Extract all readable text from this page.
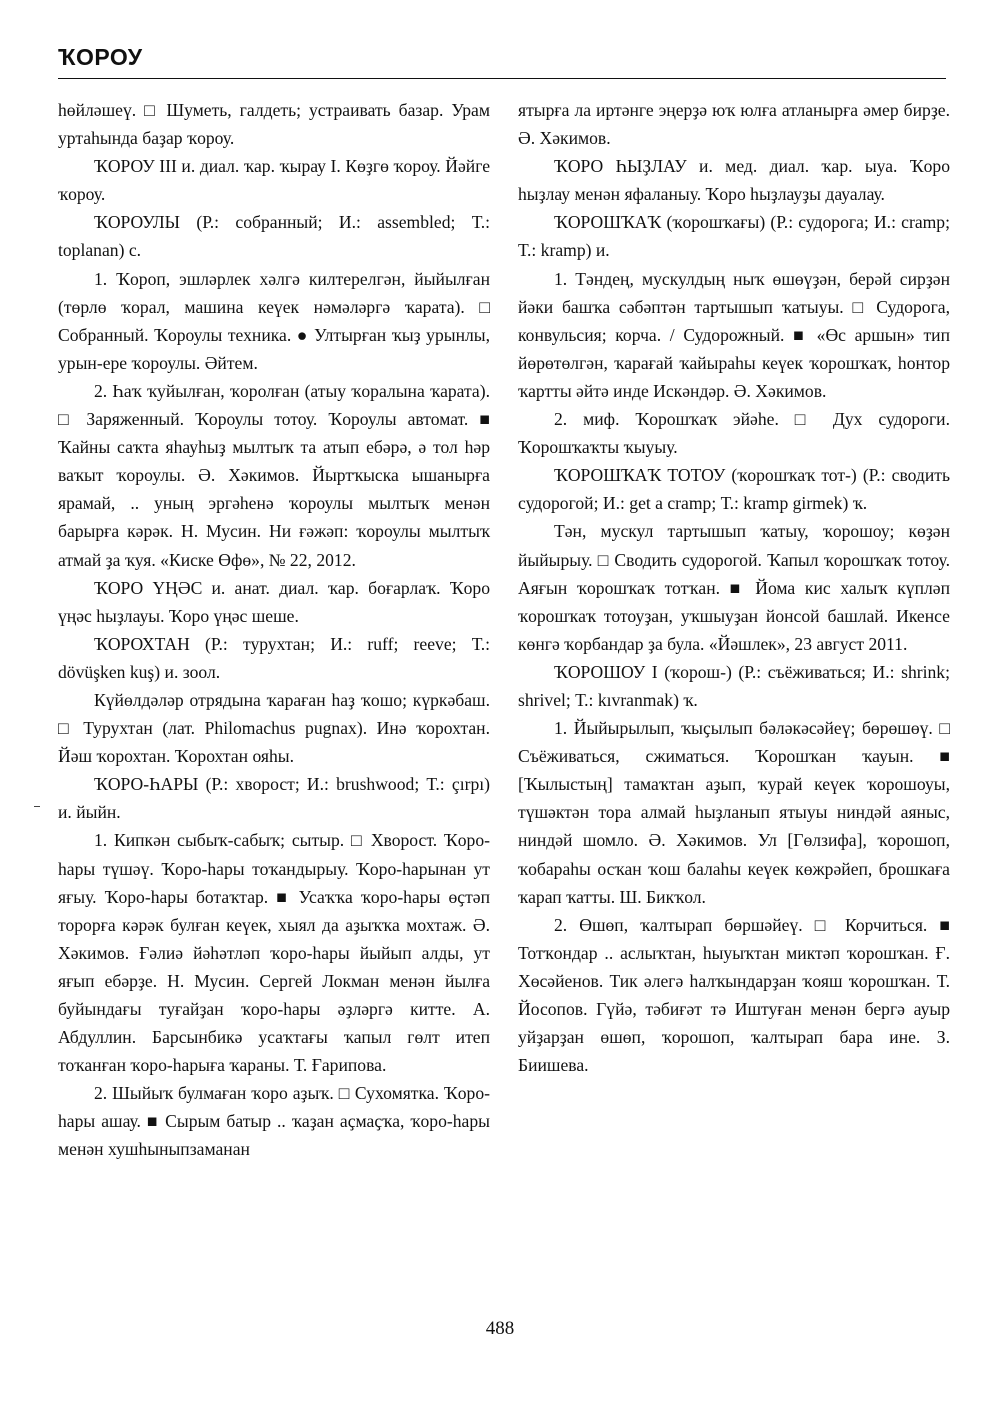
ҠОРОУ

һөйләшеү. □ Шуметь, галдеть; устраивать базар. Урам уртаһында баҙар ҡороу.

ҠОРОУ III и. диал. ҡар. ҡырау I. Көҙгө ҡороу. Йәйге ҡороу.

ҠОРОУЛЫ (Р.: собранный; И.: assembled; Т.: toplanan) с.

1. Ҡороп, эшләрлек хәлгә килтерелгән, йыйылған (төрлө ҡорал, машина кеүек нәмәләргә ҡарата). □ Собранный. Ҡороулы техника. ● Ултырған ҡыҙ урынлы, урын-ере ҡороулы. Әйтем.

2. Һаҡ ҡуйылған, ҡоролған (атыу ҡоралына ҡарата). □ Заряженный. Ҡороулы тотоу. Ҡороулы автомат. ■ Ҡайны саҡта яһауһыҙ мылтыҡ та атып ебәрә, ә тол һәр ваҡыт ҡороулы. Ә. Хәкимов. Йыртҡыска ышанырға ярамай, .. уның эргәһенә ҡороулы мылтыҡ менән барырға кәрәк. Н. Мусин. Ни ғәжәп: ҡороулы мылтыҡ атмай ҙа ҡуя. «Киске Өфө», № 22, 2012.

ҠОРО ҮҢӘС и. анат. диал. ҡар. боғарлаҡ. Ҡоро үңәс һыҙлауы. Ҡоро үңәс шеше.

ҠОРОХТАН (Р.: турухтан; И.: ruff; reeve; Т.: dövüşken kuş) и. зоол.

Күйөлдәләр отрядына ҡараған һаҙ ҡошо; күркәбаш. □ Турухтан (лат. Philomachus pugnax). Инә ҡорохтан. Йәш ҡорохтан. Ҡорохтан ояһы.

ҠОРО-ҺАРЫ (Р.: хворост; И.: brushwood; Т.: çırpı) и. йыйн.

1. Кипкән сыбыҡ-сабыҡ; сытыр. □ Хворост. Ҡоро-һары түшәү. Ҡоро-һары тоҡандырыу. Ҡоро-һарынан ут яғыу. Ҡоро-һары ботаҡтар. ■ Усаҡҡа ҡоро-һары өҫтәп торорға кәрәк булған кеүек, хыял да аҙыҡҡа мохтаж. Ә. Хәкимов. Ғәлиә йәһәтләп ҡоро-һары йыйып алды, ут яғып ебәрҙе. Н. Мусин. Сергей Локман менән йылға буйындағы туғайҙан ҡоро-һары әҙләргә китте. А. Абдуллин. Барсынбикә усаҡтағы ҡапыл гөлт итеп тоҡанған ҡоро-һарыға ҡараны. Т. Ғарипова.

2. Шыйыҡ булмаған ҡоро аҙыҡ. □ Сухомятка. Ҡоро-һары ашау. ■ Сырым батыр .. ҡаҙан аҫмаҫҡа, ҡоро-һары менән хушһыныпзаманан

ятырға ла иртәнге эңерҙә юҡ юлға атланырға әмер бирҙе. Ә. Хәкимов.

ҠОРО ҺЫҘЛАУ и. мед. диал. ҡар. ыуа. Ҡоро һыҙлау менән яфаланыу. Ҡоро һыҙлауҙы дауалау.

ҠОРОШҠАҠ (ҡорошҡағы) (Р.: судорога; И.: cramp; Т.: kramp) и.

1. Тәндең, мускулдың ныҡ өшөүҙән, берәй сирҙән йәки башҡа сәбәптән тартышып ҡатыуы. □ Судорога, конвульсия; корча. / Судорожный. ■ «Өс аршын» тип йөрөтөлгән, ҡарағай ҡайыраһы кеүек ҡорошҡаҡ, һонтор ҡартты әйтә инде Искәндәр. Ә. Хәкимов.

2. миф. Ҡорошҡаҡ эйәһе. □ Дух судороги. Ҡорошҡаҡты ҡыуыу.

ҠОРОШҠАҠ ТОТОУ (ҡорошҡаҡ тот-) (Р.: сводить судорогой; И.: get a cramp; Т.: kramp girmek) ҡ.

Тән, мускул тартышып ҡатыу, ҡорошоу; көҙән йыйырыу. □ Сводить судорогой. Ҡапыл ҡорошҡаҡ тотоу. Аяғын ҡорошҡаҡ тотҡан. ■ Йома кис халыҡ күпләп ҡорошҡаҡ тотоуҙан, уҡшыуҙан йонсой башлай. Икенсе көнгә ҡорбандар ҙа була. «Йәшлек», 23 август 2011.

ҠОРОШОУ I (ҡорош-) (Р.: съёживаться; И.: shrink; shrivel; Т.: kıvranmak) ҡ.

1. Йыйырылып, ҡыҫылып бәләкәсәйеү; бөрөшөү. □ Съёживаться, сжиматься. Ҡорошҡан ҡауын. ■ [Ҡылыстың] тамаҡтан аҙып, ҡурай кеүек ҡорошоуы, түшәктән тора алмай һыҙланып ятыуы ниндәй аяныс, ниндәй шомло. Ә. Хәкимов. Ул [Гөлзифа], ҡорошоп, ҡобараһы осҡан ҡош балаһы кеүек көжрәйеп, брошкаға ҡарап ҡатты. Ш. Бикҡол.

2. Өшөп, ҡалтырап бөршәйеү. □ Корчиться. ■ Тотҡондар .. аслыҡтан, һыуыҡтан миктәп ҡорошҡан. Ғ. Хөсәйенов. Тик әлегә һалҡындарҙан ҡояш ҡорошҡан. Т. Йосопов. Гүйә, тәбиғәт тә Иштуған менән бергә ауыр уйҙарҙан өшөп, ҡорошоп, ҡалтырап бара ине. З. Биишева.

488
